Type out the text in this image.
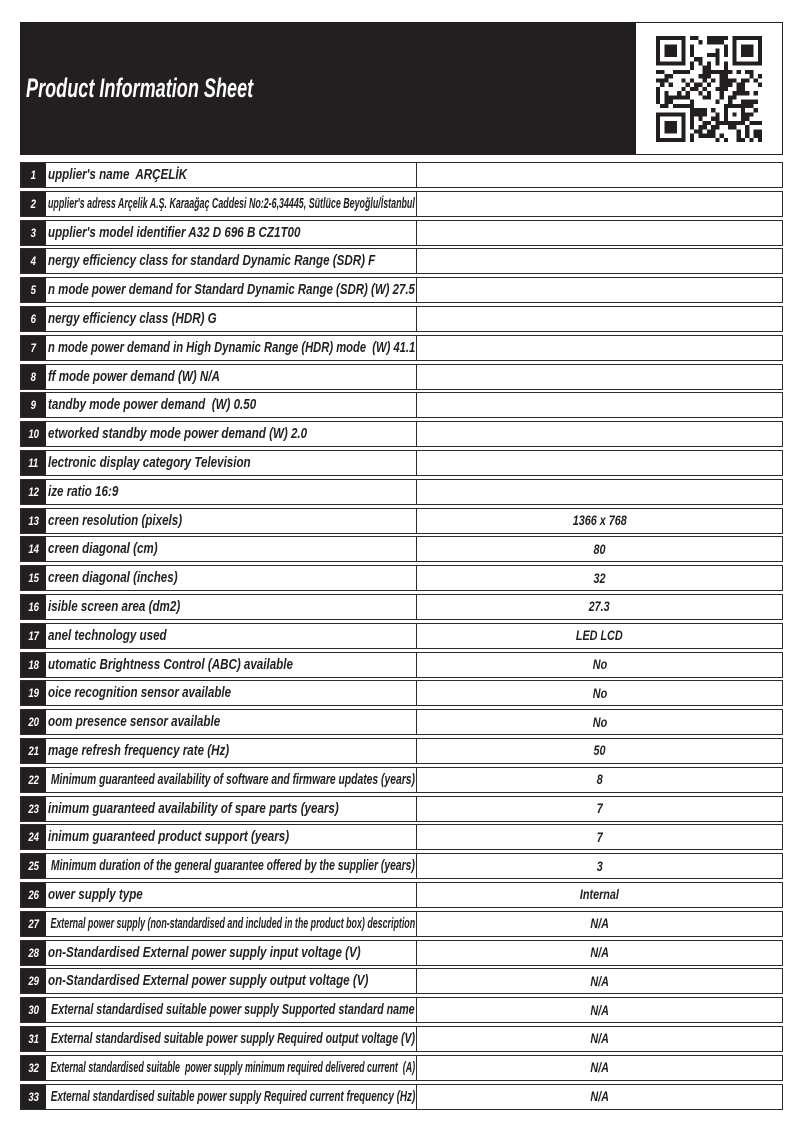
Product Information Sheet
1 upplier's name  ARÇELİK
2 upplier's adress Arçelik A.Ş. Karaağaç Caddesi No:2-6,34445, Sütlüce Beyoğlu/İstanbul
3 upplier's model identifier A32 D 696 B CZ1T00
4 nergy efficiency class for standard Dynamic Range (SDR) F
5 n mode power demand for Standard Dynamic Range (SDR) (W) 27.5
6 nergy efficiency class (HDR) G
7 n mode power demand in High Dynamic Range (HDR) mode  (W) 41.1
8 ff mode power demand (W) N/A
9 tandby mode power demand  (W) 0.50
10 etworked standby mode power demand (W) 2.0
11 lectronic display category Television
12 ize ratio 16:9
13 creen resolution (pixels)	1366 x 768
14 creen diagonal (cm)	80
15 creen diagonal (inches)	32
16 isible screen area (dm2)	27.3
17 anel technology used	LED LCD
18 utomatic Brightness Control (ABC) available	No
19 oice recognition sensor available	No
20 oom presence sensor available	No
21 mage refresh frequency rate (Hz)	50
22 Minimum guaranteed availability of software and firmware updates (years)	8
23 inimum guaranteed availability of spare parts (years)	7
24 inimum guaranteed product support (years)	7
25 Minimum duration of the general guarantee offered by the supplier (years)	3
26 ower supply type	Internal
27 External power supply (non-standardised and included in the product box) description	N/A
28 on-Standardised External power supply input voltage (V)	N/A
29 on-Standardised External power supply output voltage (V)	N/A
30 External standardised suitable power supply Supported standard name	N/A
31 External standardised suitable power supply Required output voltage (V)	N/A
32 External standardised suitable  power supply minimum required delivered current  (A)	N/A
33 External standardised suitable power supply Required current frequency (Hz)	N/A
